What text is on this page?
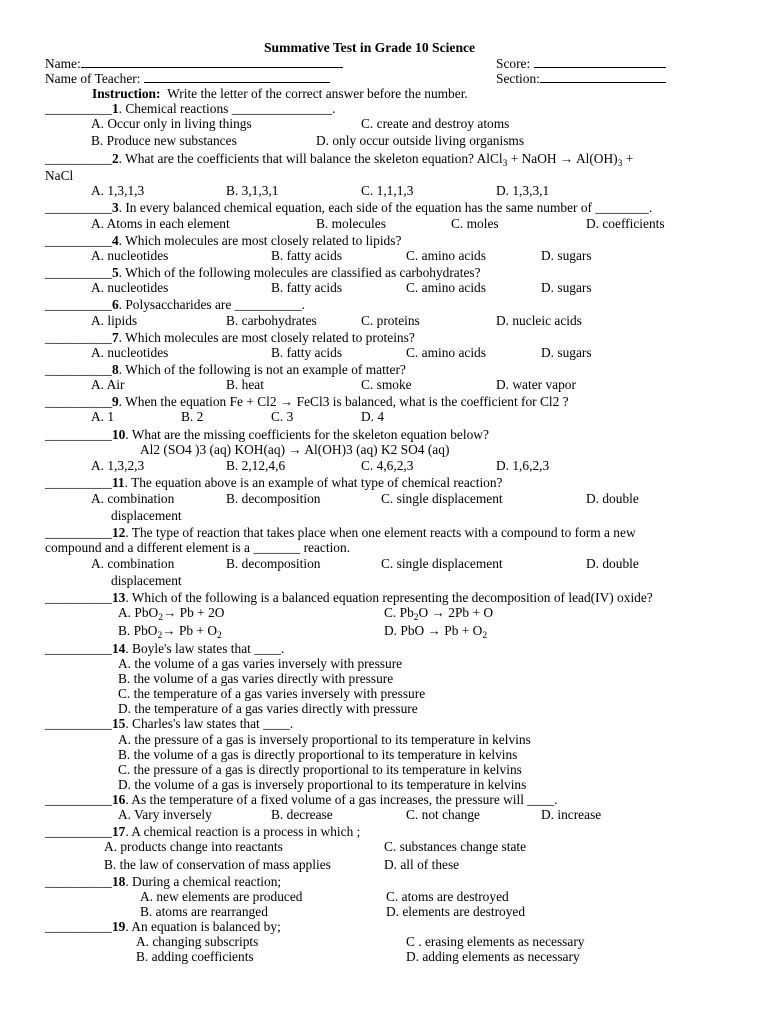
Summative Test in Grade 10 Science
Name:	Score:
Name of Teacher:	Section:
Instruction: Write the letter of the correct answer before the number.
__________1. Chemical reactions _______________.
A. Occur only in living things	C. create and destroy atoms
B. Produce new substances	D. only occur outside living organisms
__________2. What are the coefficients that will balance the skeleton equation? AlCl$_3$ + NaOH → $Al(OH)_3$ +
NaCl
A. 1,3,1,3	B. 3,1,3,1	C. 1,1,1,3	D. 1,3,3,1
__________3. In every balanced chemical equation, each side of the equation has the same number of ________.
A. Atoms in each element	B. molecules	C. moles	D. coefficients
__________4. Which molecules are most closely related to lipids?
A. nucleotides	B. fatty acids	C. amino acids	D. sugars
__________5. Which of the following molecules are classified as carbohydrates?
A. nucleotides	B. fatty acids	C. amino acids	D. sugars
__________6. Polysaccharides are __________.
A. lipids	B. carbohydrates	C. proteins	D. nucleic acids
__________7. Which molecules are most closely related to proteins?
A. nucleotides	B. fatty acids	C. amino acids	D. sugars
__________8. Which of the following is not an example of matter?
A. Air	B. heat	C. smoke	D. water vapor
__________9. When the equation Fe + Cl2 → FeCl3 is balanced, what is the coefficient for Cl2 ?
A. 1	B. 2	C. 3	D. 4
__________10. What are the missing coefficients for the skeleton equation below?
Al2 (SO4 )3 (aq) KOH(aq) → Al(OH)3 (aq) K2 SO4 (aq)
A. 1,3,2,3	B. 2,12,4,6	C. 4,6,2,3	D. 1,6,2,3
__________11. The equation above is an example of what type of chemical reaction?
A. combination	B. decomposition	C. single displacement	D. double
displacement
__________12. The type of reaction that takes place when one element reacts with a compound to form a new
compound and a different element is a _______ reaction.
A. combination	B. decomposition	C. single displacement	D. double
displacement
__________13. Which of the following is a balanced equation representing the decomposition of lead(IV) oxide?
A. PbO$_2$→ Pb + 2O	C. $Pb_2O \to 2Pb + O$
B. $PbO_2\to Pb + O_2$	D. PbO → $Pb + O_2$
__________14. Boyle's law states that ____.
A. the volume of a gas varies inversely with pressure
B. the volume of a gas varies directly with pressure
C. the temperature of a gas varies inversely with pressure
D. the temperature of a gas varies directly with pressure
__________15. Charles's law states that ____.
A. the pressure of a gas is inversely proportional to its temperature in kelvins
B. the volume of a gas is directly proportional to its temperature in kelvins
C. the pressure of a gas is directly proportional to its temperature in kelvins
D. the volume of a gas is inversely proportional to its temperature in kelvins
__________16. As the temperature of a fixed volume of a gas increases, the pressure will ____.
A. Vary inversely	B. decrease	C. not change	D. increase
__________17. A chemical reaction is a process in which ;
A. products change into reactants	C. substances change state
B. the law of conservation of mass applies	D. all of these
__________18. During a chemical reaction;
A. new elements are produced	C. atoms are destroyed
B. atoms are rearranged	D. elements are destroyed
__________19. An equation is balanced by;
A. changing subscripts	C . erasing elements as necessary
B. adding coefficients	D. adding elements as necessary
